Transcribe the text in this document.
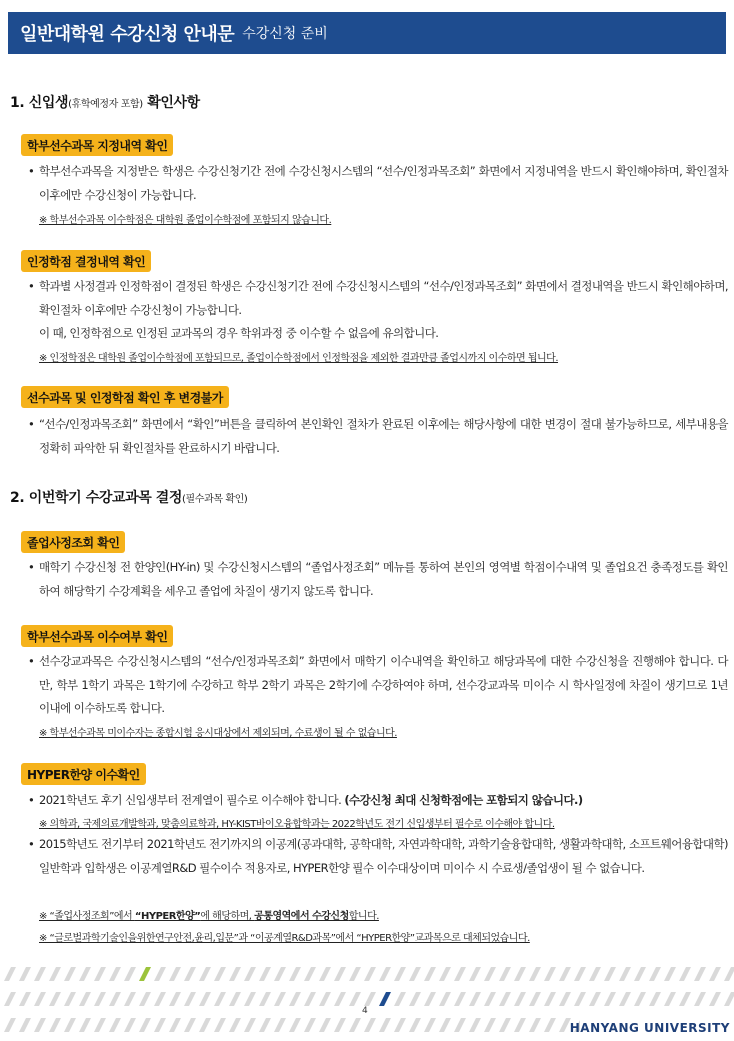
일반대학원 수강신청 안내문 수강신청 준비
1. 신입생(휴학예정자 포함) 확인사항
학부선수과목 지정내역 확인
• 학부선수과목을 지정받은 학생은 수강신청기간 전에 수강신청시스템의 “선수/인정과목조회” 화면에서 지정내역을 반드시 확인해야하며, 확인절차 이후에만 수강신청이 가능합니다.
※ 학부선수과목 이수학점은 대학원 졸업이수학점에 포함되지 않습니다.
인정학점 결정내역 확인
• 학과별 사정결과 인정학점이 결정된 학생은 수강신청기간 전에 수강신청시스템의 “선수/인정과목조회” 화면에서 결정내역을 반드시 확인해야하며, 확인절차 이후에만 수강신청이 가능합니다.
이 때, 인정학점으로 인정된 교과목의 경우 학위과정 중 이수할 수 없음에 유의합니다.
※ 인정학점은 대학원 졸업이수학점에 포함되므로, 졸업이수학점에서 인정학점을 제외한 결과만큼 졸업시까지 이수하면 됩니다.
선수과목 및 인정학점 확인 후 변경불가
• “선수/인정과목조회” 화면에서 “확인”버튼을 클릭하여 본인확인 절차가 완료된 이후에는 해당사항에 대한 변경이 절대 불가능하므로, 세부내용을 정확히 파악한 뒤 확인절차를 완료하시기 바랍니다.
2. 이번학기 수강교과목 결정(필수과목 확인)
졸업사정조회 확인
• 매학기 수강신청 전 한양인(HY-in) 및 수강신청시스템의 “졸업사정조회” 메뉴를 통하여 본인의 영역별 학점이수내역 및 졸업요건 충족정도를 확인하여 해당학기 수강계획을 세우고 졸업에 차질이 생기지 않도록 합니다.
학부선수과목 이수여부 확인
• 선수강교과목은 수강신청시스템의 “선수/인정과목조회” 화면에서 매학기 이수내역을 확인하고 해당과목에 대한 수강신청을 진행해야 합니다. 다만, 학부 1학기 과목은 1학기에 수강하고 학부 2학기 과목은 2학기에 수강하여야 하며, 선수강교과목 미이수 시 학사일정에 차질이 생기므로 1년 이내에 이수하도록 합니다.
※ 학부선수과목 미이수자는 종합시험 응시대상에서 제외되며, 수료생이 될 수 없습니다.
HYPER한양 이수확인
• 2021학년도 후기 신입생부터 전계열이 필수로 이수해야 합니다. (수강신청 최대 신청학점에는 포함되지 않습니다.)
※ 의학과, 국제의료개발학과, 맞춤의료학과, HY-KIST바이오융합학과는 2022학년도 전기 신입생부터 필수로 이수해야 합니다.
• 2015학년도 전기부터 2021학년도 전기까지의 이공계(공과대학, 공학대학, 자연과학대학, 과학기술융합대학, 생활과학대학, 소프트웨어융합대학) 일반학과 입학생은 이공계열R&D 필수이수 적용자로, HYPER한양 필수 이수대상이며 미이수 시 수료생/졸업생이 될 수 없습니다.
※ “졸업사정조회”에서 “HYPER한양”에 해당하며, 공통영역에서 수강신청합니다.
※ “글로벌과학기술인을위한연구안전,윤리,입문”과 “이공계열R&D과목”에서 “HYPER한양”교과목으로 대체되었습니다.
4
HANYANG UNIVERSITY
